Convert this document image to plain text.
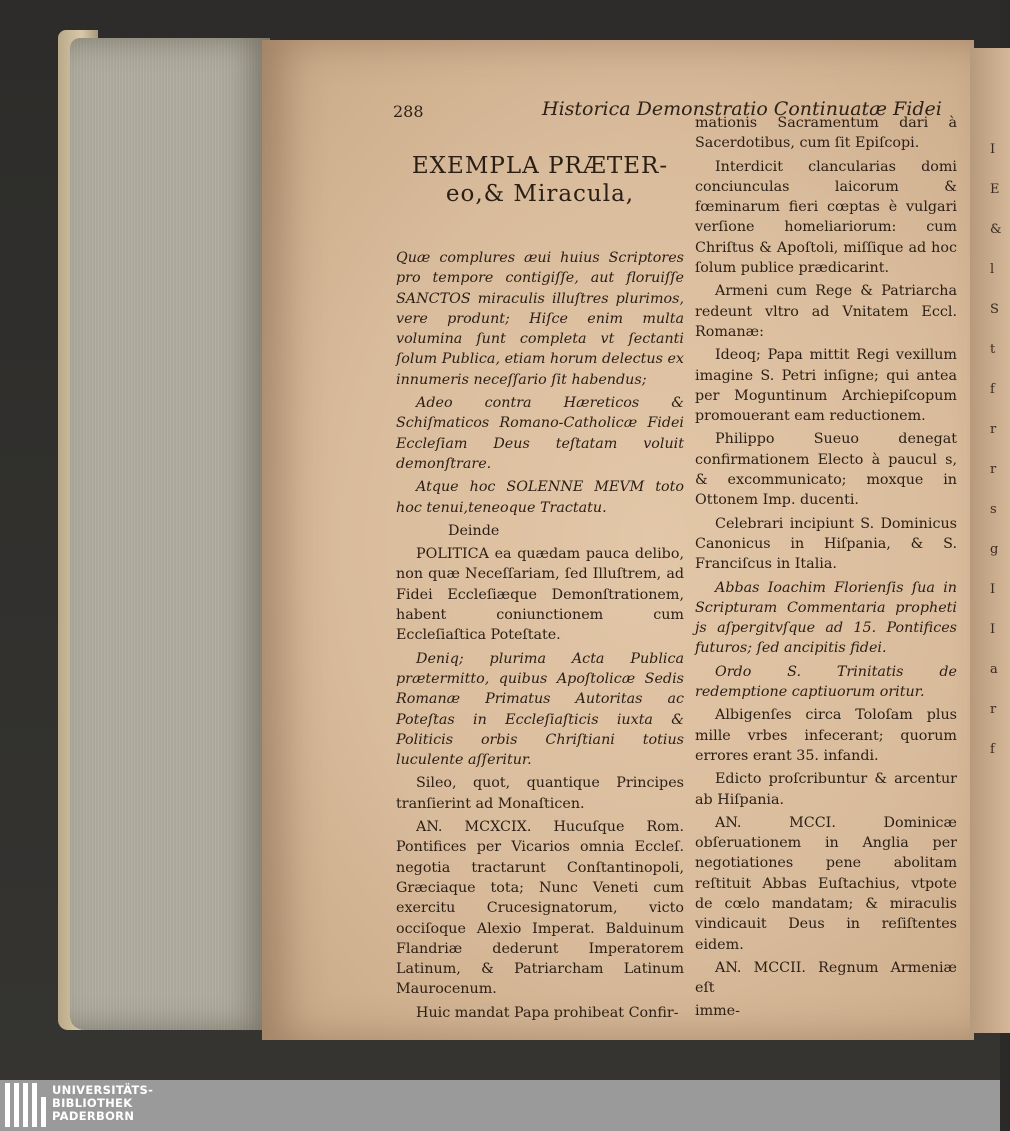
I
E
&
l
S
t
f
r
r
s
g
I
I
a
r
f
288	Historica Demonstratio Continuatæ Fidei
EXEMPLA PRÆTER-
eo,& Miracula,

Quæ complures æui huius Scriptores pro tempore contigiſſe, aut floruiſſe SANCTOS miraculis illuſtres plurimos, vere produnt; Hiſce enim multa volumina ſunt completa vt ſectanti ſolum Publica, etiam horum delectus ex innumeris neceſſario ſit habendus;

Adeo contra Hæreticos & Schiſmaticos Romano-Catholicæ Fidei Eccleſiam Deus teſtatam voluit demonſtrare.

Atque hoc SOLENNE MEVM toto hoc tenui,teneoque Tractatu.

Deinde

POLITICA ea quædam pauca delibo, non quæ Neceſſariam, ſed Illuſtrem, ad Fidei Eccleſiæque Demonſtrationem, habent coniunctionem cum Eccleſiaſtica Poteſtate.

Deniq; plurima Acta Publica prætermitto, quibus Apoſtolicæ Sedis Romanæ Primatus Autoritas ac Poteſtas in Eccleſiaſticis iuxta & Politicis orbis Chriſtiani totius luculente aſſeritur.

Sileo, quot, quantique Principes tranſierint ad Monaſticen.

AN. MCXCIX. Hucuſque Rom. Pontifices per Vicarios omnia Eccleſ. negotia tractarunt Conſtantinopoli, Græciaque tota; Nunc Veneti cum exercitu Crucesignatorum, victo occiſoque Alexio Imperat. Balduinum Flandriæ dederunt Imperatorem Latinum, & Patriarcham Latinum Maurocenum.

Huic mandat Papa prohibeat Confir-

mationis Sacramentum dari à Sacerdotibus, cum ſit Epiſcopi.

Interdicit clancularias domi conciunculas laicorum & fœminarum fieri cœptas è vulgari verſione homeliariorum: cum Chriſtus & Apoſtoli, miſſique ad hoc ſolum publice prædicarint.

Armeni cum Rege & Patriarcha redeunt vltro ad Vnitatem Eccl. Romanæ:

Ideoq; Papa mittit Regi vexillum imagine S. Petri inſigne; qui antea per Moguntinum Archiepiſcopum promouerant eam reductionem.

Philippo Sueuo denegat confirmationem Electo à paucul s, & excommunicato; moxque in Ottonem Imp. ducenti.

Celebrari incipiunt S. Dominicus Canonicus in Hiſpania, & S. Franciſcus in Italia.

Abbas Ioachim Florienſis ſua in Scripturam Commentaria propheti js aſpergitvſque ad 15. Pontifices futuros; ſed ancipitis fidei.

Ordo S. Trinitatis de redemptione captiuorum oritur.

Albigenſes circa Toloſam plus mille vrbes infecerant; quorum errores erant 35. infandi.

Edicto proſcribuntur & arcentur ab Hiſpania.

AN. MCCI. Dominicæ obſeruationem in Anglia per negotiationes pene abolitam reſtituit Abbas Euſtachius, vtpote de cœlo mandatam; & miraculis vindicauit Deus in reſiſtentes eidem.

AN. MCCII. Regnum Armeniæ eſt

imme-

UNIVERSITÄTS-
BIBLIOTHEK
PADERBORN
